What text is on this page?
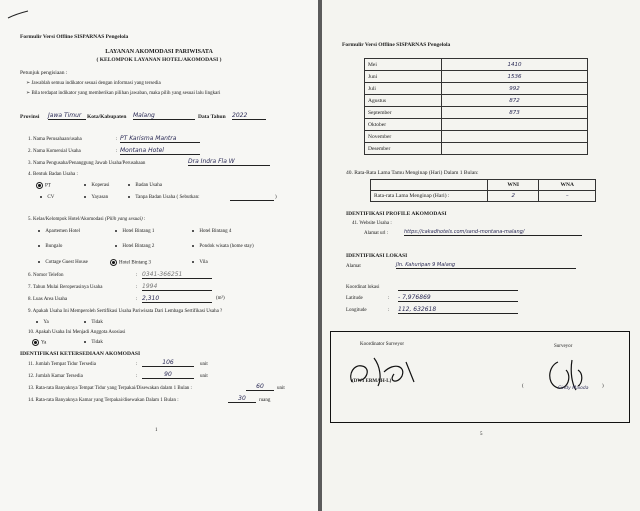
Formulir Versi Offline SISPARNAS Pengelola
LAYANAN AKOMODASI PARIWISATA
( KELOMPOK LAYANAN HOTEL/AKOMODASI )
Petunjuk pengisiaan :
➢ Jawablah semua indikator sesuai dengan informasi yang tersedia
➢ Bila terdapat indikator yang memberikan pilihan jawaban, maka pilih yang sesuai lalu lingkari
Provinsi Jawa Timur	Kota/Kabupaten Malang	Data Tahun 2022
1. Nama Perusahaan/usaha	: PT Karisma Mantra
2. Nama Komersial Usaha	: Montana Hotel
3. Nama Pengusaha/Penanggung Jawab Usaha/Perusahaan	Dra Indra Fla W
4. Bentuk Badan Usaha :
PT	Koperasi	Badan Usaha
CV	Yayasan	Tanpa Badan Usaha ( Sebutkan:	)
5. Kelas/Kelompok Hotel/Akomodasi (Pilih yang sesuai) :
Apartemen Hotel
Bungalo
Cottage Guest House
Hotel Bintang 1
Hotel Bintang 2
Hotel Bintang 3
Hotel Bintang 4
Pondok wisata (home stay)
Vila
6. Nomor Telefon	: 0341-366251
7. Tahun Mulai Beroperasinya Usaha	: 1994
8. Luas Area Usaha	: 2,310	(m²)
9. Apakah Usaha Ini Memperoleh Sertifikasi Usaha Pariwisata Dari Lembaga Sertifikasi Usaha ?
Ya	Tidak
10. Apakah Usaha Ini Menjadi Anggota Asosiasi
Ya	Tidak
IDENTIFIKASI KETERSEDIAAN AKOMODASI
11. Jumlah Tempat Tidur Tersedia	:	106	unit
12. Jumlah Kamar Tersedia	:	90	unit
13. Rata-rata Banyaknya Tempat Tidur yang Terpakai/Disewakan dalam 1 Bulan :	60	unit
14. Rata-rata Banyaknya Kamar yang Terpakai/disewakan Dalam 1 Bulan :	30	ruang
1
Formulir Versi Offline SISPARNAS Pengelola
Mei	1410
Juni	1536
Juli	992
Agustus	872
September	873
Oktober	
November	
Desember	
40. Rata-Rata Lama Tamu Menginap (Hari) Dalam 1 Bulan:
	WNI	WNA
Rata-rata Lama Menginap (Hari) :	2	–
IDENTIFIKASI PROFILE AKOMODASI
41. Website Usaha :
Alamat url :	https://cakadhotels.com/sand-montana-malang/
IDENTIFIKASI LOKASI
Alamat	Jln. Kahuripan 9 Malang
Koordinat lokasi
Latitude	: - 7,976869
Longitude	: 112, 632618
Koordinator Surveyor	Surveyor
(DWI ERMAH-L)
(	Cindy Maioda	)
5
